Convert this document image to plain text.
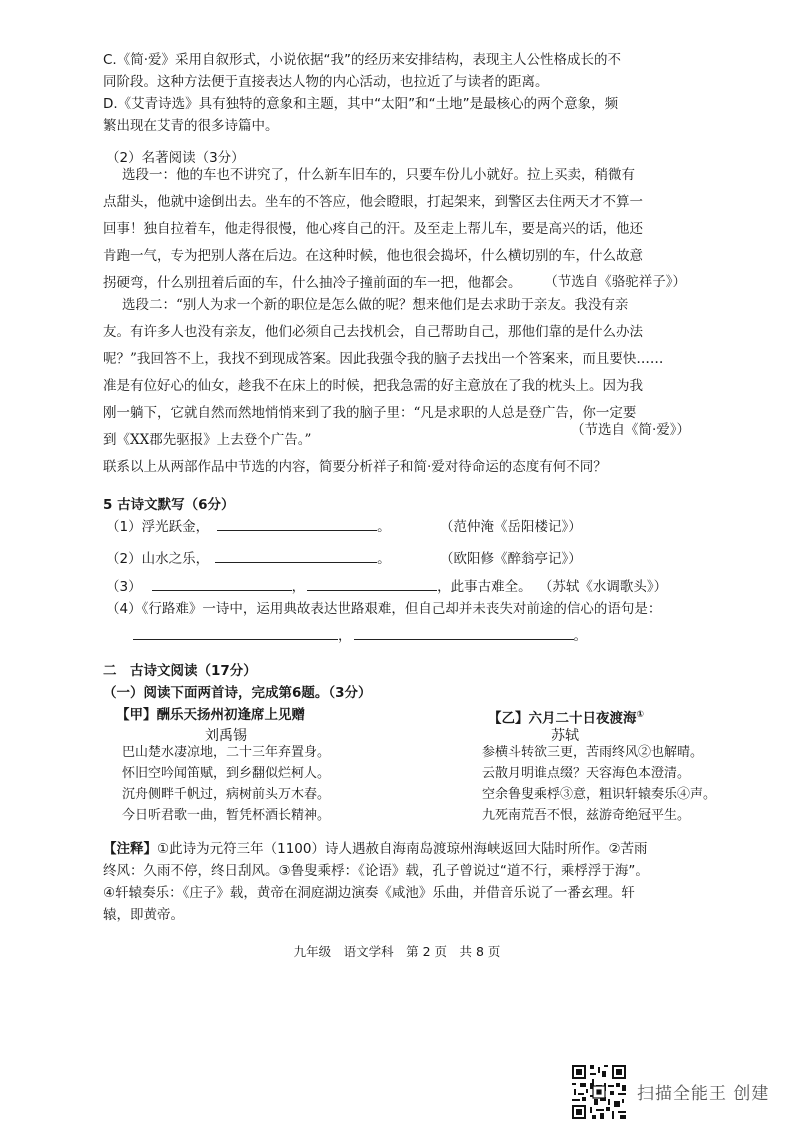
C.《简·爱》采用自叙形式，小说依据“我”的经历来安排结构，表现主人公性格成长的不
同阶段。这种方法便于直接表达人物的内心活动，也拉近了与读者的距离。
D.《艾青诗选》具有独特的意象和主题，其中“太阳”和“土地”是最核心的两个意象，频
繁出现在艾青的很多诗篇中。
（2）名著阅读（3分）
选段一：他的车也不讲究了，什么新车旧车的，只要车份儿小就好。拉上买卖，稍微有
点甜头，他就中途倒出去。坐车的不答应，他会瞪眼，打起架来，到警区去住两天才不算一
回事！独自拉着车，他走得很慢，他心疼自己的汗。及至走上帮儿车，要是高兴的话，他还
肯跑一气，专为把别人落在后边。在这种时候，他也很会捣坏，什么横切别的车，什么故意
拐硬弯，什么别扭着后面的车，什么抽冷子撞前面的车一把，他都会。 （节选自《骆驼祥子》）
选段二：“别人为求一个新的职位是怎么做的呢？想来他们是去求助于亲友。我没有亲
友。有许多人也没有亲友，他们必须自己去找机会，自己帮助自己，那他们靠的是什么办法
呢？”我回答不上，我找不到现成答案。因此我强令我的脑子去找出一个答案来，而且要快……
准是有位好心的仙女，趁我不在床上的时候，把我急需的好主意放在了我的枕头上。因为我
刚一躺下，它就自然而然地悄悄来到了我的脑子里：“凡是求职的人总是登广告，你一定要
到《XX郡先驱报》上去登个广告。”
（节选自《简·爱》）
联系以上从两部作品中节选的内容，简要分析祥子和简·爱对待命运的态度有何不同？
5 古诗文默写（6分）
（1）浮光跃金，	。	（范仲淹《岳阳楼记》）
（2）山水之乐，	。	（欧阳修《醉翁亭记》）
（3）	，	，此事古难全。 （苏轼《水调歌头》）
（4）《行路难》一诗中，运用典故表达世路艰难，但自己却并未丧失对前途的信心的语句是：
，	。
二　古诗文阅读（17分）
（一）阅读下面两首诗，完成第6题。（3分）
【甲】酬乐天扬州初逢席上见赠
刘禹锡
巴山楚水凄凉地，二十三年弃置身。
怀旧空吟闻笛赋，到乡翻似烂柯人。
沉舟侧畔千帆过，病树前头万木春。
今日听君歌一曲，暂凭杯酒长精神。
【乙】六月二十日夜渡海①
苏轼
参横斗转欲三更，苦雨终风②也解晴。
云散月明谁点缀？天容海色本澄清。
空余鲁叟乘桴③意，粗识轩辕奏乐④声。
九死南荒吾不恨，兹游奇绝冠平生。
【注释】①此诗为元符三年（1100）诗人遇赦自海南岛渡琼州海峡返回大陆时所作。②苦雨
终风：久雨不停，终日刮风。③鲁叟乘桴：《论语》载，孔子曾说过“道不行，乘桴浮于海”。
④轩辕奏乐：《庄子》载，黄帝在洞庭湖边演奏《咸池》乐曲，并借音乐说了一番玄理。轩
辕，即黄帝。
九年级　语文学科　第 2 页　共 8 页
扫描全能王 创建
